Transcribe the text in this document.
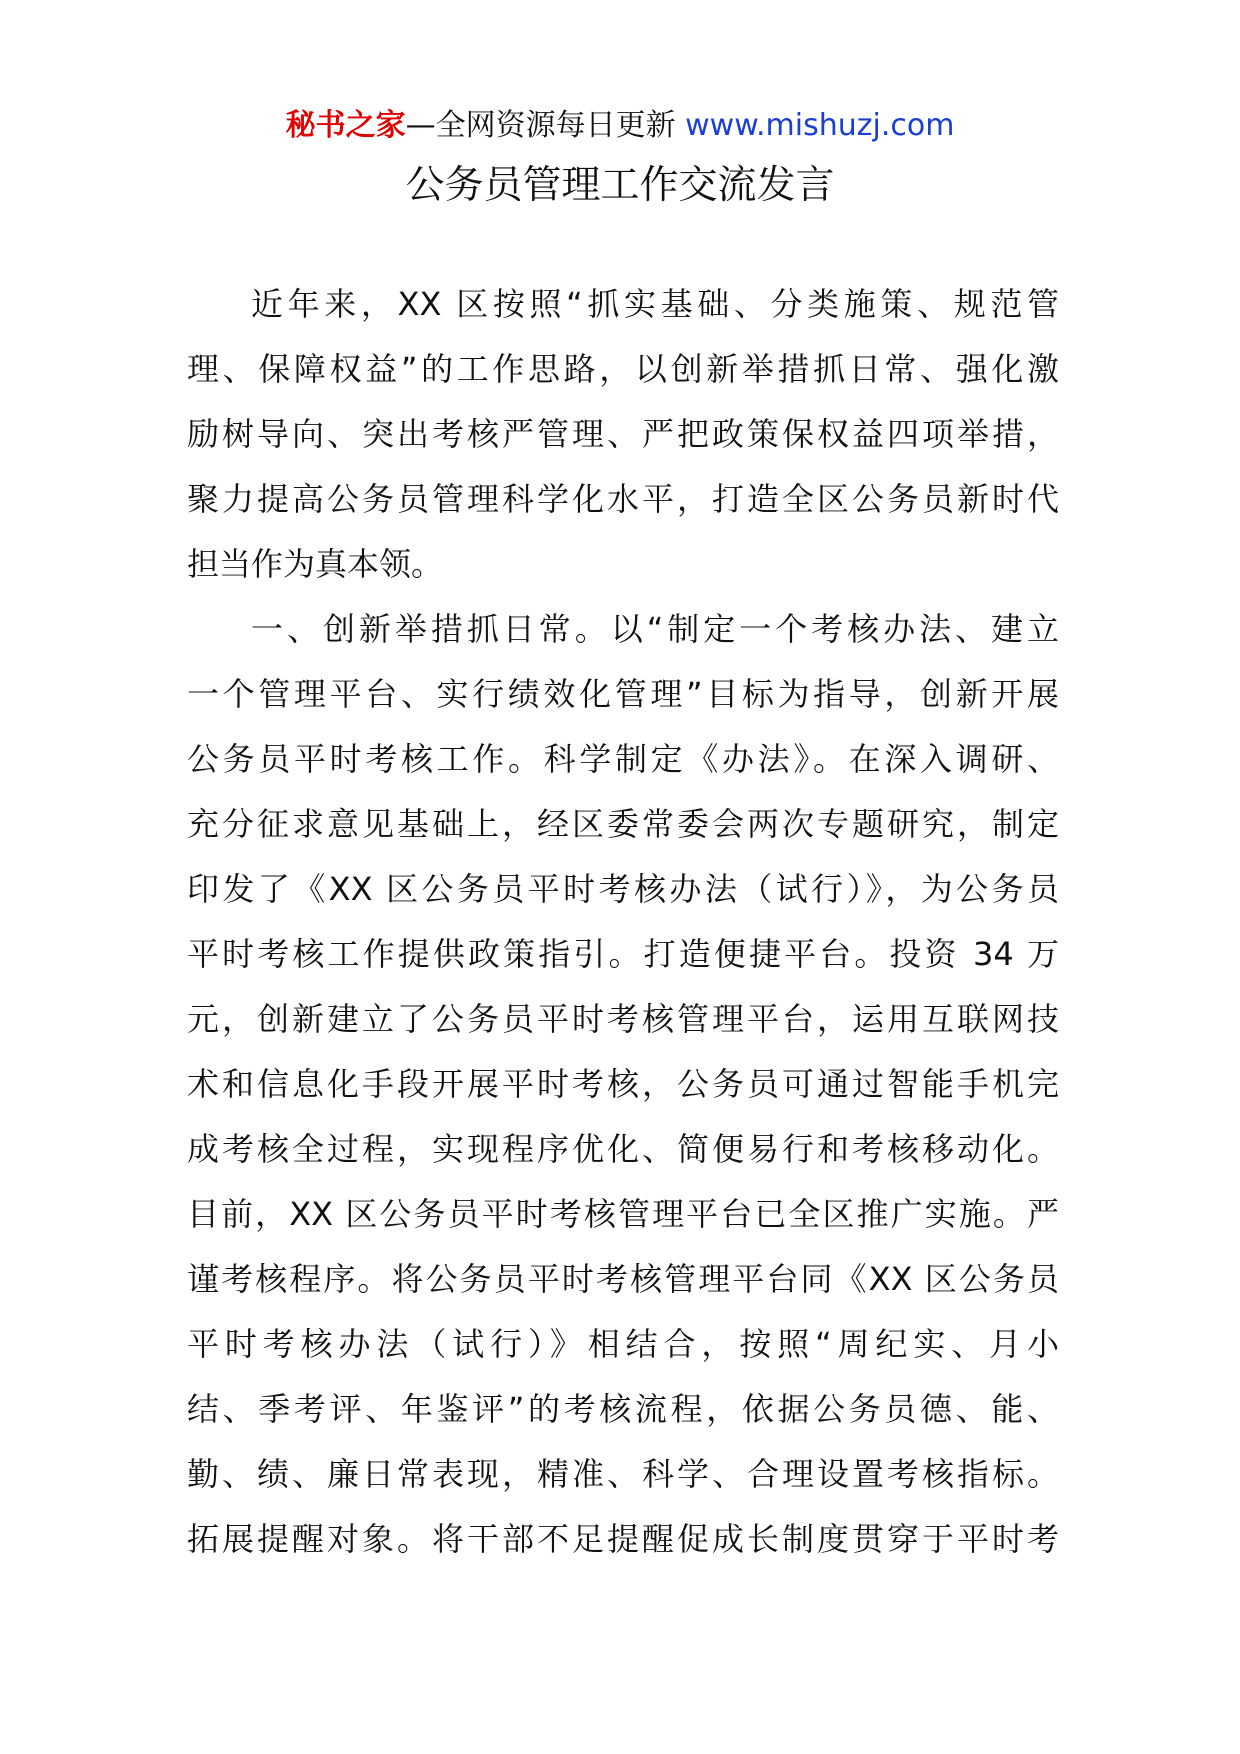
秘书之家—全网资源每日更新 www.mishuzj.com
公务员管理工作交流发言
近年来，XX 区按照“抓实基础、分类施策、规范管
理、保障权益”的工作思路，以创新举措抓日常、强化激
励树导向、突出考核严管理、严把政策保权益四项举措，
聚力提高公务员管理科学化水平，打造全区公务员新时代
担当作为真本领。
一、创新举措抓日常。以“制定一个考核办法、建立
一个管理平台、实行绩效化管理”目标为指导，创新开展
公务员平时考核工作。科学制定《办法》。在深入调研、
充分征求意见基础上，经区委常委会两次专题研究，制定
印发了《XX 区公务员平时考核办法（试行）》，为公务员
平时考核工作提供政策指引。打造便捷平台。投资 34 万
元，创新建立了公务员平时考核管理平台，运用互联网技
术和信息化手段开展平时考核，公务员可通过智能手机完
成考核全过程，实现程序优化、简便易行和考核移动化。
目前，XX 区公务员平时考核管理平台已全区推广实施。严
谨考核程序。将公务员平时考核管理平台同《XX 区公务员
平时考核办法（试行）》相结合，按照“周纪实、月小
结、季考评、年鉴评”的考核流程，依据公务员德、能、
勤、绩、廉日常表现，精准、科学、合理设置考核指标。
拓展提醒对象。将干部不足提醒促成长制度贯穿于平时考
